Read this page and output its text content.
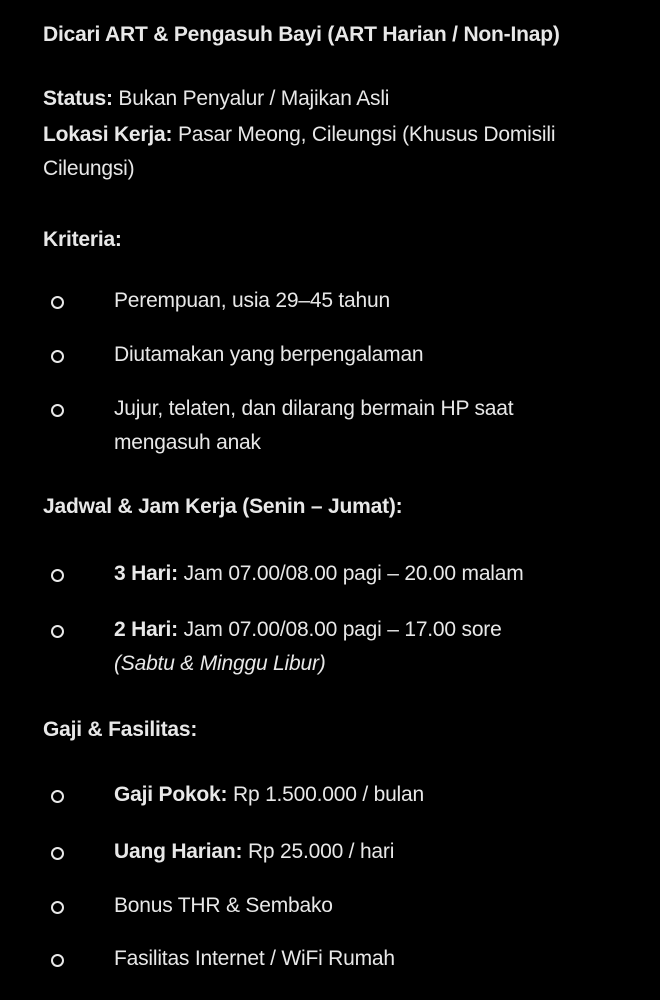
Dicari ART & Pengasuh Bayi (ART Harian / Non-Inap)

Status: Bukan Penyalur / Majikan Asli

Lokasi Kerja: Pasar Meong, Cileungsi (Khusus Domisili Cileungsi)

Kriteria:

Perempuan, usia 29–45 tahun

Diutamakan yang berpengalaman

Jujur, telaten, dan dilarang bermain HP saat mengasuh anak

Jadwal & Jam Kerja (Senin – Jumat):

3 Hari: Jam 07.00/08.00 pagi – 20.00 malam

2 Hari: Jam 07.00/08.00 pagi – 17.00 sore
(Sabtu & Minggu Libur)

Gaji & Fasilitas:

Gaji Pokok: Rp 1.500.000 / bulan

Uang Harian: Rp 25.000 / hari

Bonus THR & Sembako

Fasilitas Internet / WiFi Rumah
